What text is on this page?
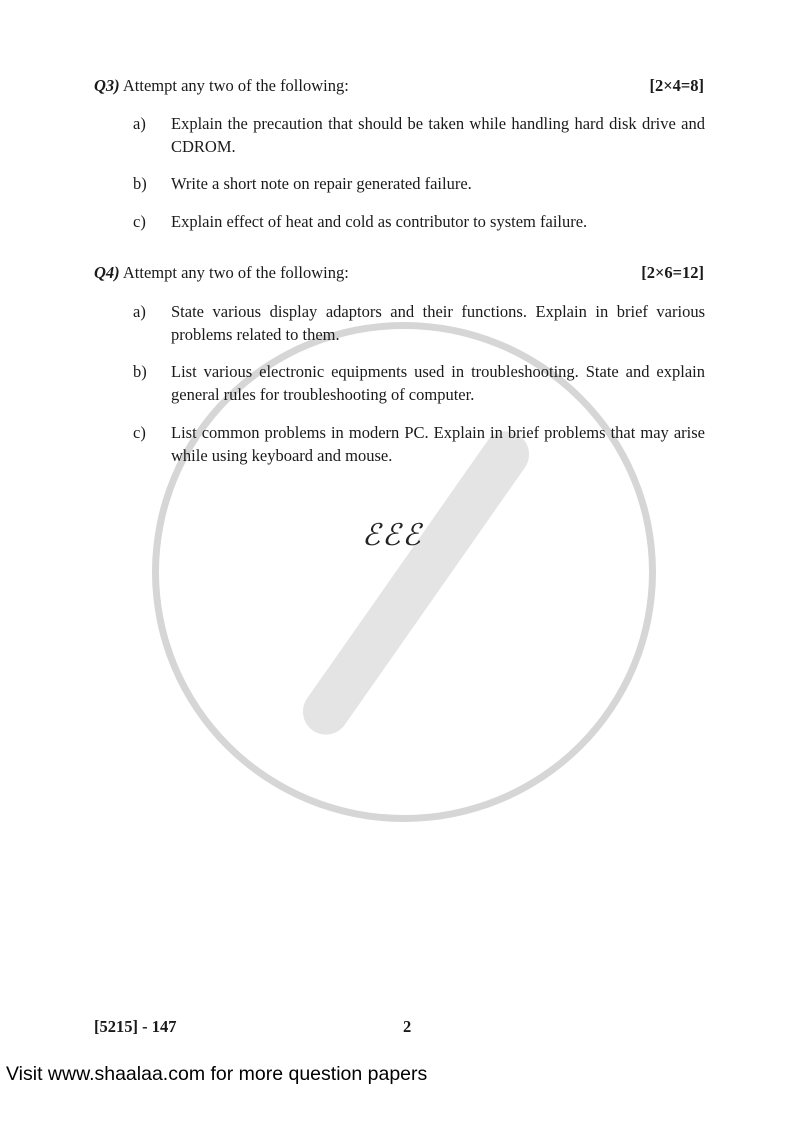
Q3) Attempt any two of the following:	[2×4=8]
a) Explain the precaution that should be taken while handling hard disk drive and CDROM.
b) Write a short note on repair generated failure.
c) Explain effect of heat and cold as contributor to system failure.
Q4) Attempt any two of the following:	[2×6=12]
a) State various display adaptors and their functions. Explain in brief various problems related to them.
b) List various electronic equipments used in troubleshooting. State and explain general rules for troubleshooting of computer.
c) List common problems in modern PC. Explain in brief problems that may arise while using keyboard and mouse.
ℰℰℰ
[5215] - 147	2
Visit www.shaalaa.com for more question papers
